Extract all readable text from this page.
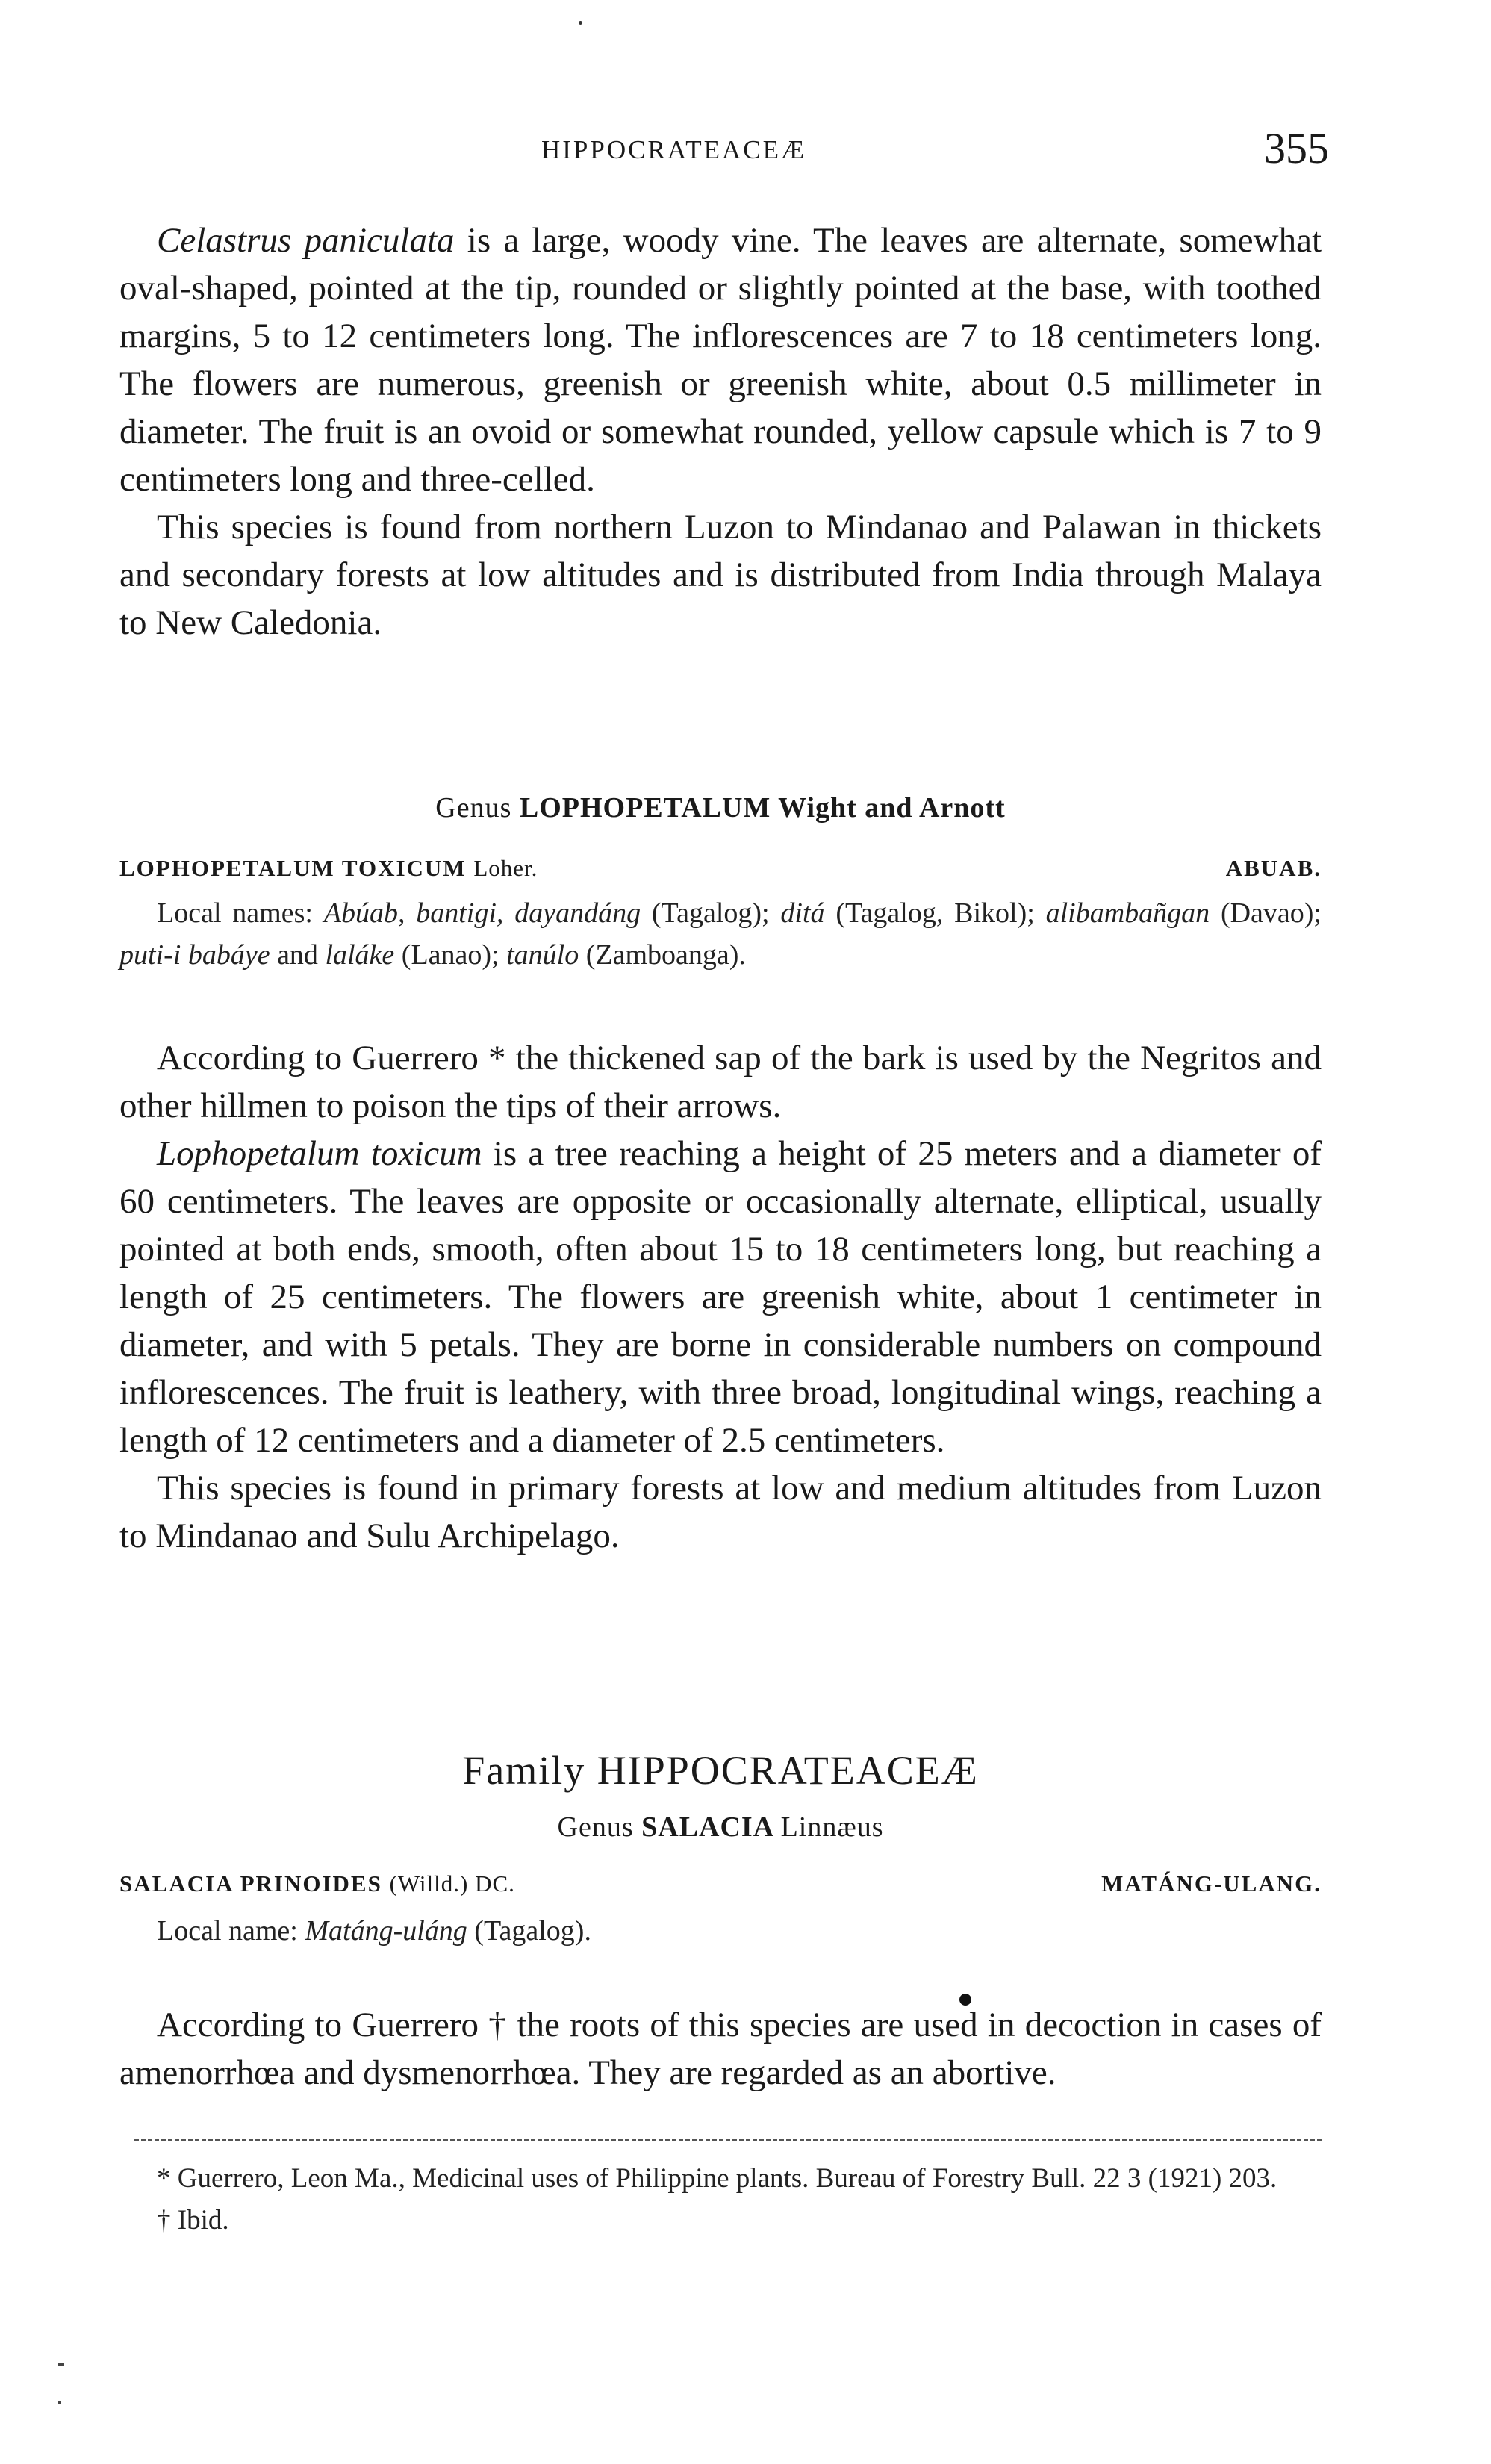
HIPPOCRATEACEÆ	355

Celastrus paniculata is a large, woody vine. The leaves are alternate, somewhat oval-shaped, pointed at the tip, rounded or slightly pointed at the base, with toothed margins, 5 to 12 centimeters long. The inflorescences are 7 to 18 centimeters long. The flowers are numerous, greenish or greenish white, about 0.5 millimeter in diameter. The fruit is an ovoid or somewhat rounded, yellow capsule which is 7 to 9 centimeters long and three-celled.

This species is found from northern Luzon to Mindanao and Palawan in thickets and secondary forests at low altitudes and is distributed from India through Malaya to New Caledonia.

Genus LOPHOPETALUM Wight and Arnott
LOPHOPETALUM TOXICUM Loher.	ABUAB.
Local names: Abúab, bantigi, dayandáng (Tagalog); ditá (Tagalog, Bikol); alibambañgan (Davao); puti-i babáye and laláke (Lanao); tanúlo (Zamboanga).

According to Guerrero * the thickened sap of the bark is used by the Negritos and other hillmen to poison the tips of their arrows.

Lophopetalum toxicum is a tree reaching a height of 25 meters and a diameter of 60 centimeters. The leaves are opposite or occasionally alternate, elliptical, usually pointed at both ends, smooth, often about 15 to 18 centimeters long, but reaching a length of 25 centimeters. The flowers are greenish white, about 1 centimeter in diameter, and with 5 petals. They are borne in considerable numbers on compound inflorescences. The fruit is leathery, with three broad, longitudinal wings, reaching a length of 12 centimeters and a diameter of 2.5 centimeters.

This species is found in primary forests at low and medium altitudes from Luzon to Mindanao and Sulu Archipelago.

Family HIPPOCRATEACEÆ
Genus SALACIA Linnæus
SALACIA PRINOIDES (Willd.) DC.	MATÁNG-ULANG.
Local name: Matáng-uláng (Tagalog).

According to Guerrero † the roots of this species are used in decoction in cases of amenorrhœa and dysmenorrhœa. They are regarded as an abortive.

* Guerrero, Leon Ma., Medicinal uses of Philippine plants. Bureau of Forestry Bull. 22 3 (1921) 203.

† Ibid.
